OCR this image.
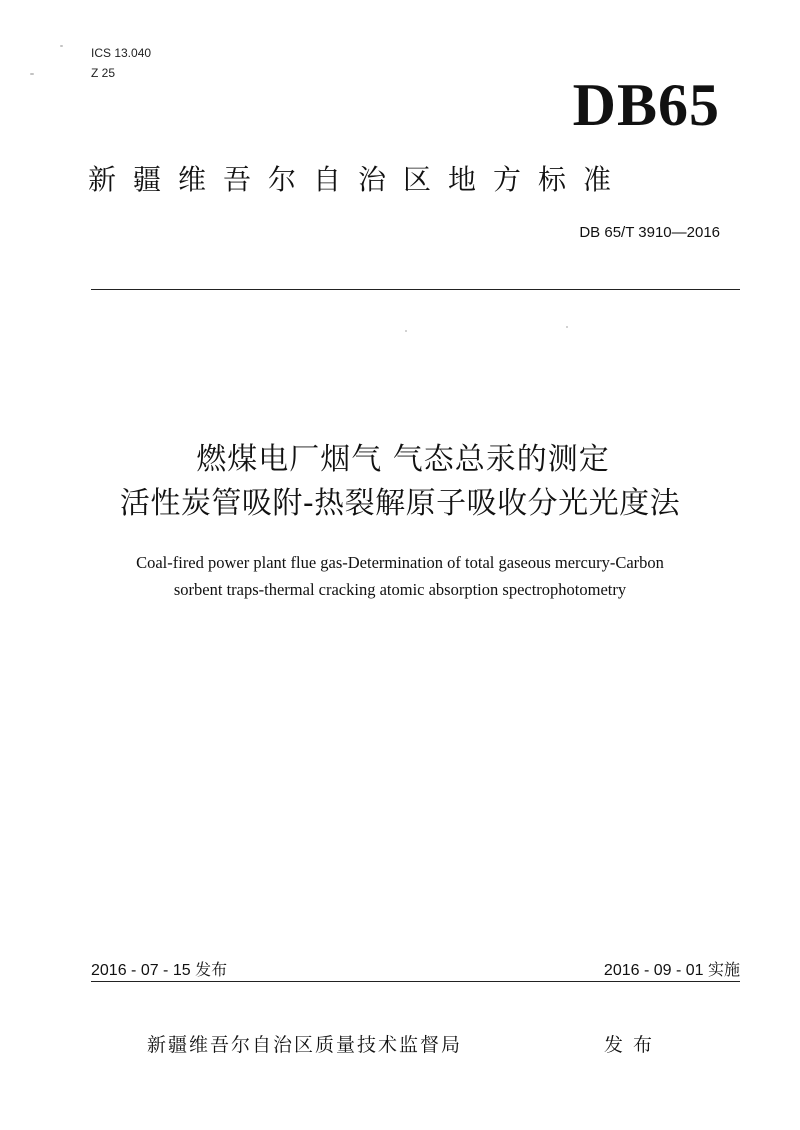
ICS 13.040
Z 25	DB65
新疆维吾尔自治区地方标准
DB 65/T 3910—2016
燃煤电厂烟气 气态总汞的测定
活性炭管吸附-热裂解原子吸收分光光度法
Coal-fired power plant flue gas-Determination of total gaseous mercury-Carbon
sorbent traps-thermal cracking atomic absorption spectrophotometry
2016 - 07 - 15 发布	2016 - 09 - 01 实施
新疆维吾尔自治区质量技术监督局	发布
